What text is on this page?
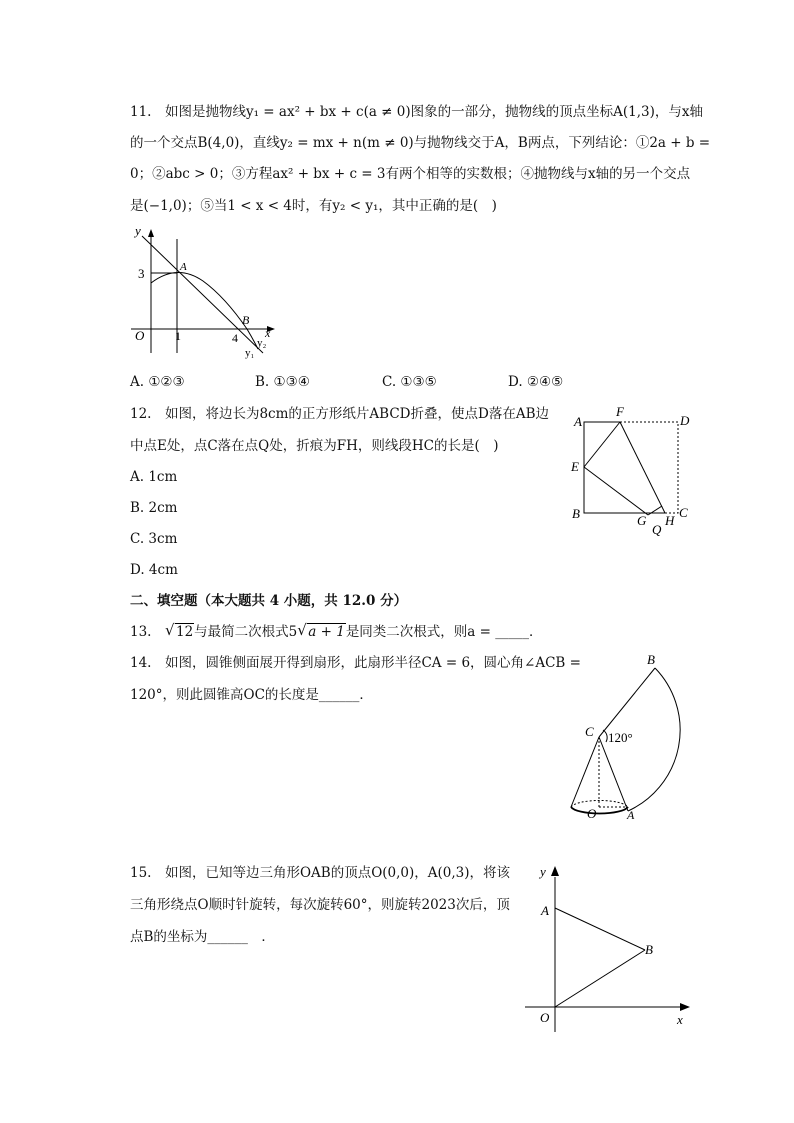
11.　如图是抛物线y₁ = ax² + bx + c(a ≠ 0)图象的一部分，抛物线的顶点坐标A(1,3)，与x轴
的一个交点B(4,0)，直线y₂ = mx + n(m ≠ 0)与抛物线交于A，B两点，下列结论：①2a + b =
0；②abc > 0；③方程ax² + bx + c = 3有两个相等的实数根；④抛物线与x轴的另一个交点
是(−1,0)；⑤当1 < x < 4时，有y₂ < y₁，其中正确的是(　)
y
3	A
O	1	4
B
x
y₂
y₁
A. ①②③	B. ①③④	C. ①③⑤	D. ②④⑤
12.　如图，将边长为8cm的正方形纸片ABCD折叠，使点D落在AB边
中点E处，点C落在点Q处，折痕为FH，则线段HC的长是(　)
A. 1cm
B. 2cm
C. 3cm
D. 4cm
A
F
D
E
B	G H
C
Q
二、填空题（本大题共 4 小题，共 12.0 分）
13.　 √ 12与最简二次根式5 √ a + 1是同类二次根式，则a = _____．
14.　如图，圆锥侧面展开得到扇形，此扇形半径CA = 6，圆心角∠ACB =
120°，则此圆锥高OC的长度是______．
B
C 120°
O	A
15.　如图，已知等边三角形OAB的顶点O(0,0)，A(0,3)，将该
三角形绕点O顺时针旋转，每次旋转60°，则旋转2023次后，顶
点B的坐标为______　．
y
A
B
O	x
